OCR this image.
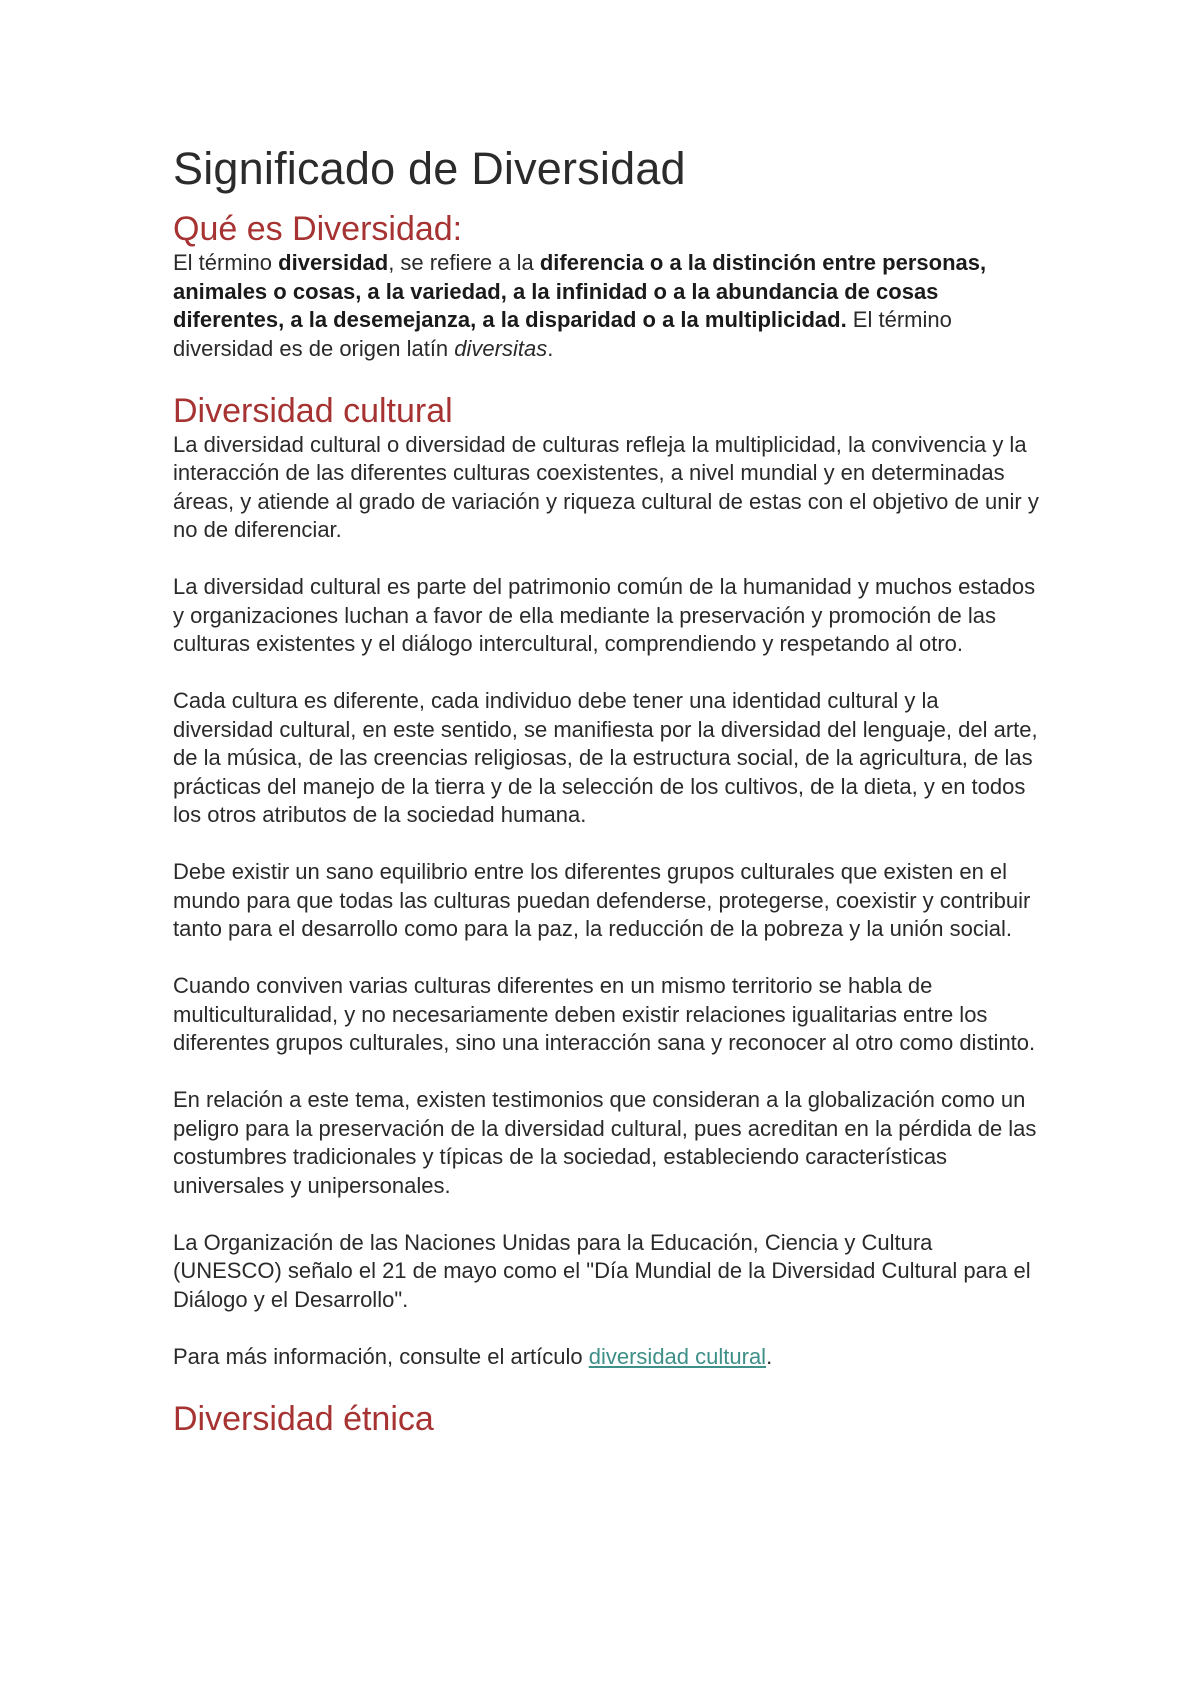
Significado de Diversidad
Qué es Diversidad:

El término diversidad, se refiere a la diferencia o a la distinción entre personas, animales o cosas, a la variedad, a la infinidad o a la abundancia de cosas diferentes, a la desemejanza, a la disparidad o a la multiplicidad. El término diversidad es de origen latín diversitas.

Diversidad cultural

La diversidad cultural o diversidad de culturas refleja la multiplicidad, la convivencia y la interacción de las diferentes culturas coexistentes, a nivel mundial y en determinadas áreas, y atiende al grado de variación y riqueza cultural de estas con el objetivo de unir y no de diferenciar.

La diversidad cultural es parte del patrimonio común de la humanidad y muchos estados y organizaciones luchan a favor de ella mediante la preservación y promoción de las culturas existentes y el diálogo intercultural, comprendiendo y respetando al otro.

Cada cultura es diferente, cada individuo debe tener una identidad cultural y la diversidad cultural, en este sentido, se manifiesta por la diversidad del lenguaje, del arte, de la música, de las creencias religiosas, de la estructura social, de la agricultura, de las prácticas del manejo de la tierra y de la selección de los cultivos, de la dieta, y en todos los otros atributos de la sociedad humana.

Debe existir un sano equilibrio entre los diferentes grupos culturales que existen en el mundo para que todas las culturas puedan defenderse, protegerse, coexistir y contribuir tanto para el desarrollo como para la paz, la reducción de la pobreza y la unión social.

Cuando conviven varias culturas diferentes en un mismo territorio se habla de multiculturalidad, y no necesariamente deben existir relaciones igualitarias entre los diferentes grupos culturales, sino una interacción sana y reconocer al otro como distinto.

En relación a este tema, existen testimonios que consideran a la globalización como un peligro para la preservación de la diversidad cultural, pues acreditan en la pérdida de las costumbres tradicionales y típicas de la sociedad, estableciendo características universales y unipersonales.

La Organización de las Naciones Unidas para la Educación, Ciencia y Cultura (UNESCO) señalo el 21 de mayo como el "Día Mundial de la Diversidad Cultural para el Diálogo y el Desarrollo".

Para más información, consulte el artículo diversidad cultural.

Diversidad étnica
